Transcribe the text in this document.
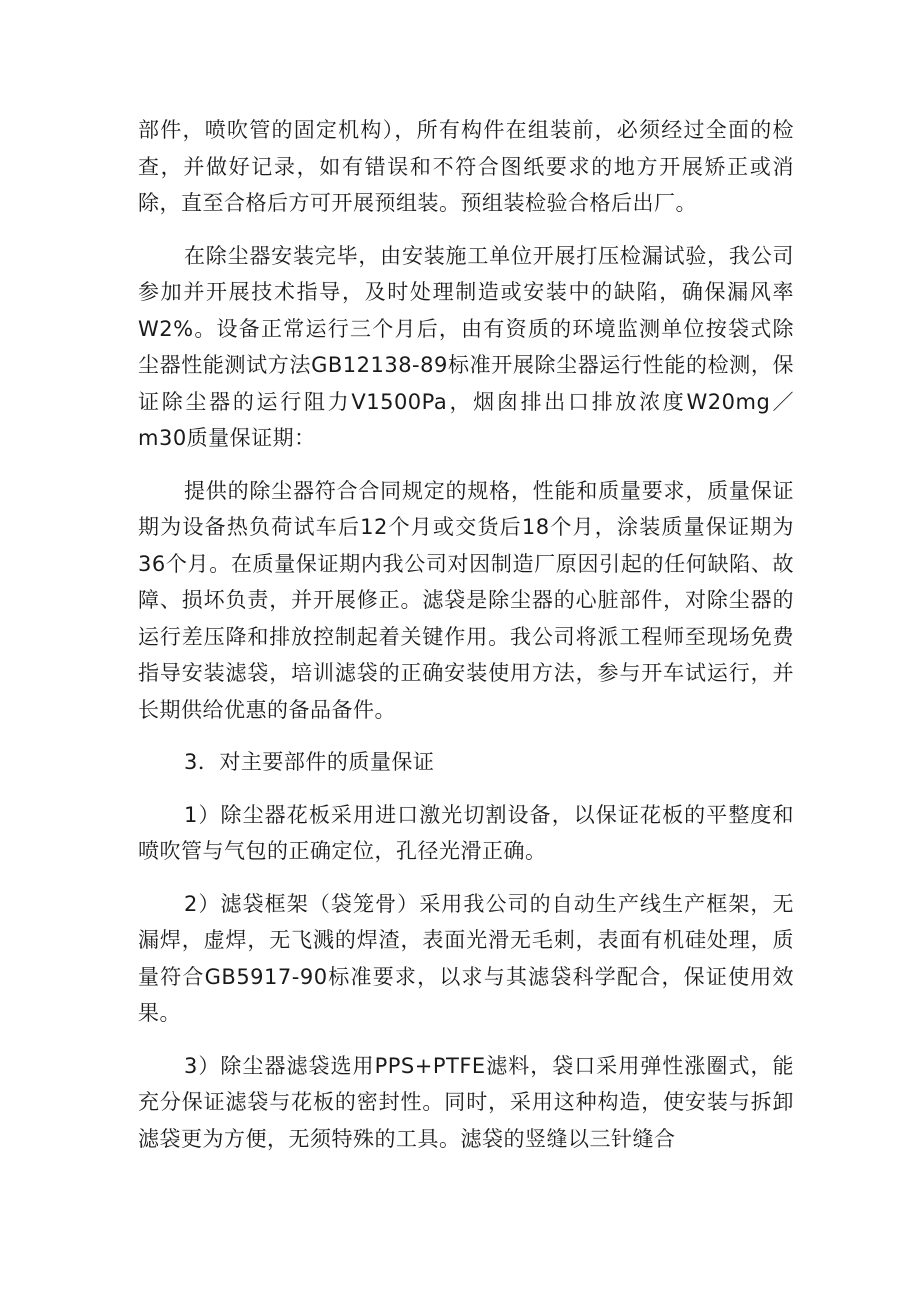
部件，喷吹管的固定机构），所有构件在组装前，必须经过全面的检查，并做好记录，如有错误和不符合图纸要求的地方开展矫正或消除，直至合格后方可开展预组装。预组装检验合格后出厂。

在除尘器安装完毕，由安装施工单位开展打压检漏试验，我公司参加并开展技术指导，及时处理制造或安装中的缺陷，确保漏风率W2%。设备正常运行三个月后，由有资质的环境监测单位按袋式除尘器性能测试方法GB12138-89标准开展除尘器运行性能的检测，保证除尘器的运行阻力V1500Pa，烟囱排出口排放浓度W20mg／m30质量保证期：

提供的除尘器符合合同规定的规格，性能和质量要求，质量保证期为设备热负荷试车后12个月或交货后18个月，涂装质量保证期为36个月。在质量保证期内我公司对因制造厂原因引起的任何缺陷、故障、损坏负责，并开展修正。滤袋是除尘器的心脏部件，对除尘器的运行差压降和排放控制起着关键作用。我公司将派工程师至现场免费指导安装滤袋，培训滤袋的正确安装使用方法，参与开车试运行，并长期供给优惠的备品备件。

3．对主要部件的质量保证

1）除尘器花板采用进口激光切割设备，以保证花板的平整度和喷吹管与气包的正确定位，孔径光滑正确。

2）滤袋框架（袋笼骨）采用我公司的自动生产线生产框架，无漏焊，虚焊，无飞溅的焊渣，表面光滑无毛刺，表面有机硅处理，质量符合GB5917-90标准要求，以求与其滤袋科学配合，保证使用效果。

3）除尘器滤袋选用PPS+PTFE滤料，袋口采用弹性涨圈式，能充分保证滤袋与花板的密封性。同时，采用这种构造，使安装与拆卸滤袋更为方便，无须特殊的工具。滤袋的竖缝以三针缝合
